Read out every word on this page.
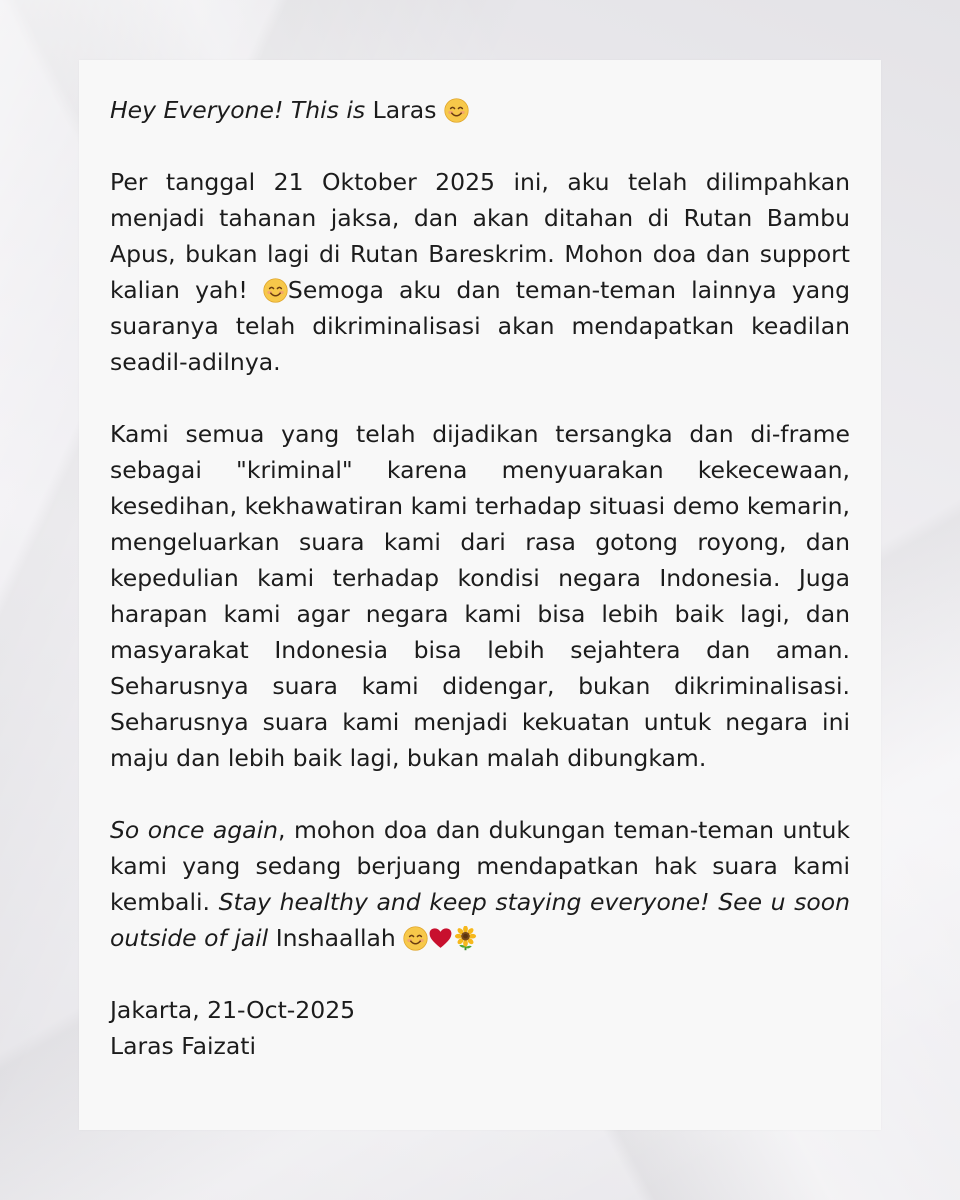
Hey Everyone! This is Laras

Per tanggal 21 Oktober 2025 ini, aku telah dilimpahkan menjadi tahanan jaksa, dan akan ditahan di Rutan Bambu Apus, bukan lagi di Rutan Bareskrim. Mohon doa dan support kalian yah!
Semoga aku dan teman-teman lainnya yang suaranya telah dikriminalisasi akan mendapatkan keadilan seadil-adilnya.

Kami semua yang telah dijadikan tersangka dan di-frame sebagai "kriminal" karena menyuarakan kekecewaan, kesedihan, kekhawatiran kami terhadap situasi demo kemarin, mengeluarkan suara kami dari rasa gotong royong, dan kepedulian kami terhadap kondisi negara Indonesia. Juga harapan kami agar negara kami bisa lebih baik lagi, dan masyarakat Indonesia bisa lebih sejahtera dan aman. Seharusnya suara kami didengar, bukan dikriminalisasi. Seharusnya suara kami menjadi kekuatan untuk negara ini maju dan lebih baik lagi, bukan malah dibungkam.

So once again, mohon doa dan dukungan teman-teman untuk kami yang sedang berjuang mendapatkan hak suara kami kembali. Stay healthy and keep staying everyone! See u soon outside of jail Inshaallah

Jakarta, 21-Oct-2025

Laras Faizati
